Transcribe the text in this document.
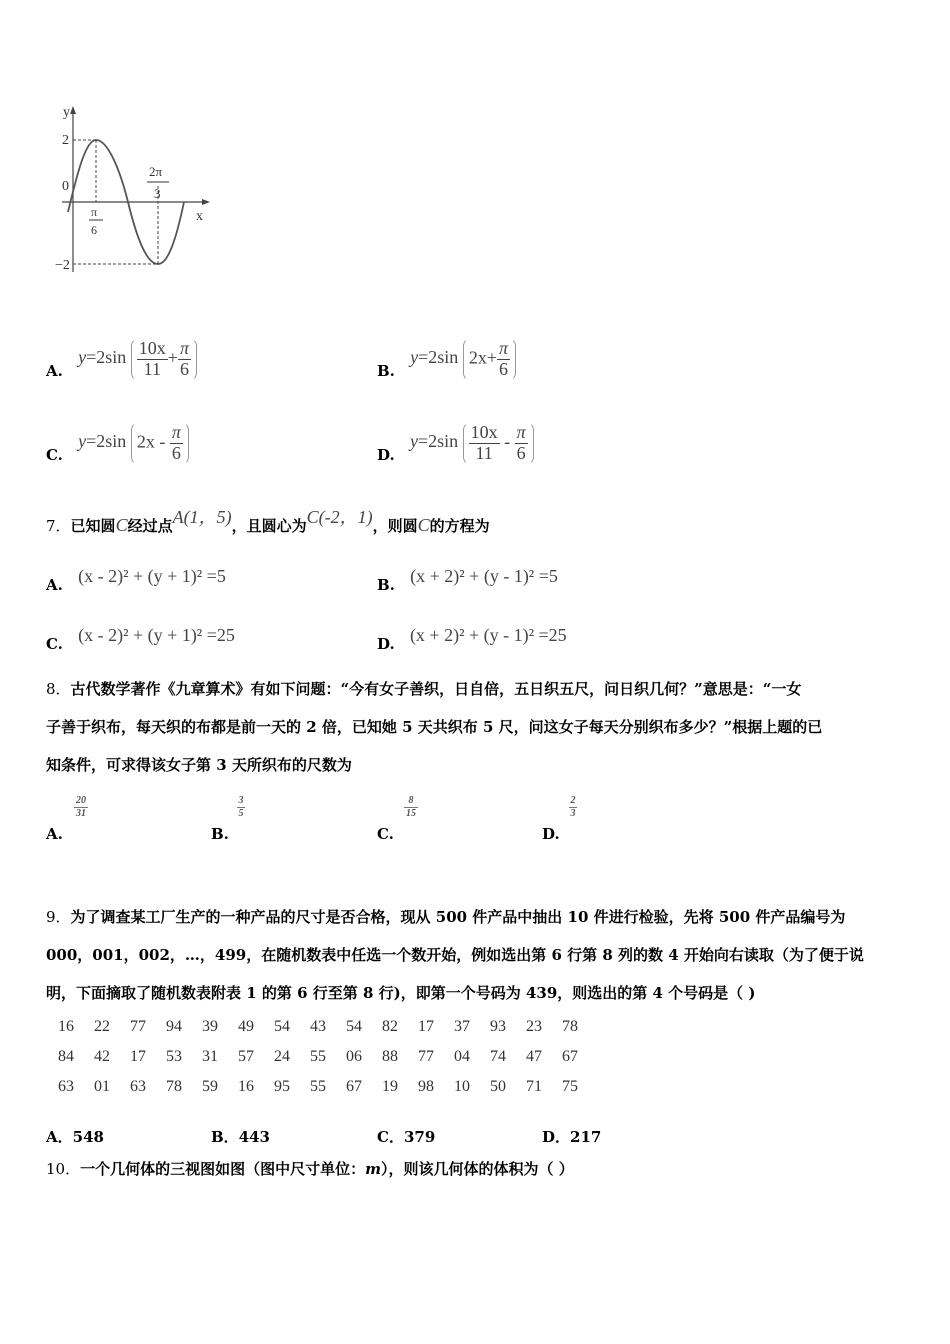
y
x
2
0
−2
π
6
2π
3
A. $y=2\sin \frac{10x}{11} + \frac{\pi}{6}$	B. y=2sin $2x+ \frac{\pi}{6}$
C. y=2sin $2x - \frac{\pi}{6}$	D. $y=2\sin \frac{10x}{11} - \frac{\pi}{6}$
7．已知圆C经过点A(1，5)，且圆心为C(-2，1)，则圆C的方程为
A. (x - 2)² + (y + 1)² =5	B. (x + 2)² + (y - 1)² =5
C. (x - 2)² + (y + 1)² =25	D. (x + 2)² + (y - 1)² =25
8．古代数学著作《九章算术》有如下问题：“今有女子善织，日自倍，五日织五尺，问日织几何？”意思是：“一女
子善于织布，每天织的布都是前一天的 2 倍，已知她 5 天共织布 5 尺，问这女子每天分别织布多少？”根据上题的已
知条件，可求得该女子第 3 天所织布的尺数为
$\frac{20}{31}$
A.
$\frac{3}{5}$
B.
$\frac{8}{15}$
C.
$\frac{2}{3}$
D.
9．为了调查某工厂生产的一种产品的尺寸是否合格，现从 500 件产品中抽出 10 件进行检验，先将 500 件产品编号为
000，001，002，…，499，在随机数表中任选一个数开始，例如选出第 6 行第 8 列的数 4 开始向右读取（为了便于说
明，下面摘取了随机数表附表 1 的第 6 行至第 8 行)，即第一个号码为 439，则选出的第 4 个号码是（ )
16 22 77 94 39 49 54 43 54 82 17 37 93 23 78
84 42 17 53 31 57 24 55 06 88 77 04 74 47 67
63 01 63 78 59 16 95 55 67 19 98 10 50 71 75
A．548	B．443	C．379	D．217
10．一个几何体的三视图如图（图中尺寸单位：m），则该几何体的体积为（ ）
